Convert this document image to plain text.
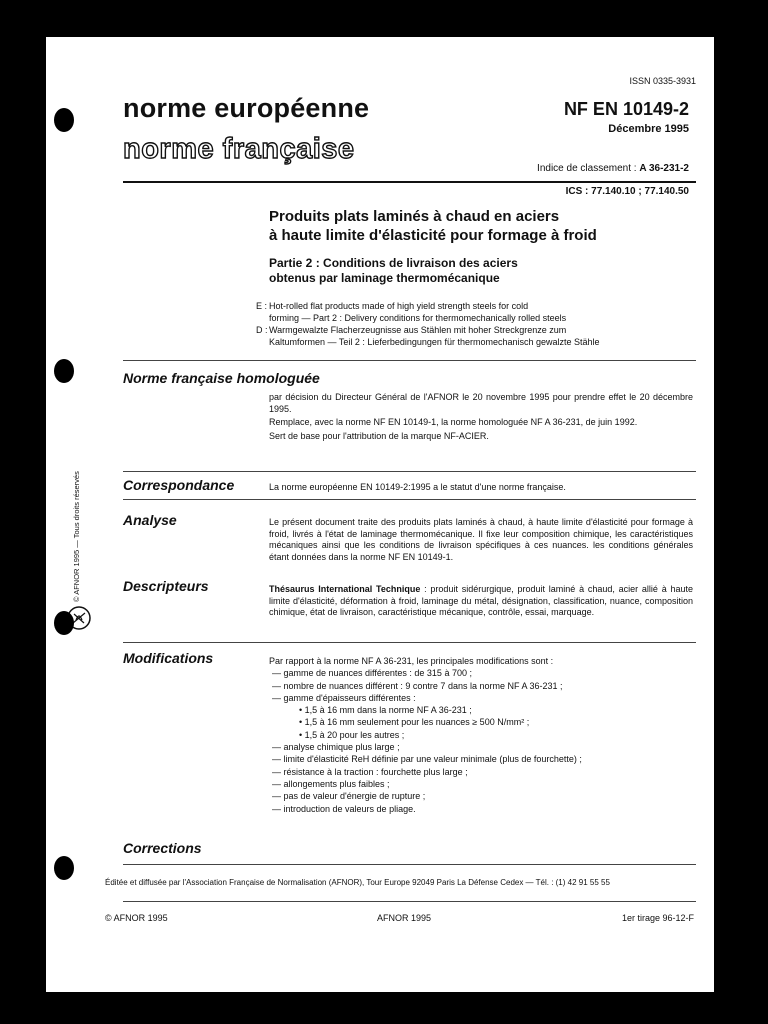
ISSN 0335-3931
norme européenne
norme française
NF EN 10149-2
Décembre 1995
Indice de classement : A 36-231-2
ICS : 77.140.10 ; 77.140.50
Produits plats laminés à chaud en aciers
à haute limite d'élasticité pour formage à froid
Partie 2 : Conditions de livraison des aciers
obtenus par laminage thermomécanique
E : Hot-rolled flat products made of high yield strength steels for cold
forming — Part 2 : Delivery conditions for thermomechanically rolled steels
D : Warmgewalzte Flacherzeugnisse aus Stählen mit hoher Streckgrenze zum
Kaltumformen — Teil 2 : Lieferbedingungen für thermomechanisch gewalzte Stähle
Norme française homologuée

par décision du Directeur Général de l'AFNOR le 20 novembre 1995 pour prendre effet le 20 décembre 1995.

Remplace, avec la norme NF EN 10149-1, la norme homologuée NF A 36-231, de juin 1992.

Sert de base pour l'attribution de la marque NF-ACIER.

Correspondance	La norme européenne EN 10149-2:1995 a le statut d'une norme française.
Analyse	Le présent document traite des produits plats laminés à chaud, à haute limite d'élasticité pour formage à froid, livrés à l'état de laminage thermomécanique. Il fixe leur composition chimique, les caractéristiques mécaniques ainsi que les conditions de livraison spécifiques à ces nuances. les conditions générales étant données dans la norme NF EN 10149-1.
Descripteurs	Thésaurus International Technique : produit sidérurgique, produit laminé à chaud, acier allié à haute limite d'élasticité, déformation à froid, laminage du métal, désignation, classification, nuance, composition chimique, état de livraison, caractéristique mécanique, contrôle, essai, marquage.
Modifications	Par rapport à la norme NF A 36-231, les principales modifications sont :
— gamme de nuances différentes : de 315 à 700 ;
— nombre de nuances différent : 9 contre 7 dans la norme NF A 36-231 ;
— gamme d'épaisseurs différentes :
• 1,5 à 16 mm dans la norme NF A 36-231 ;
• 1,5 à 16 mm seulement pour les nuances ≥ 500 N/mm² ;
• 1,5 à 20 pour les autres ;
— analyse chimique plus large ;
— limite d'élasticité ReH définie par une valeur minimale (plus de fourchette) ;
— résistance à la traction : fourchette plus large ;
— allongements plus faibles ;
— pas de valeur d'énergie de rupture ;
— introduction de valeurs de pliage.
Corrections
Éditée et diffusée par l'Association Française de Normalisation (AFNOR), Tour Europe 92049 Paris La Défense Cedex — Tél. : (1) 42 91 55 55
© AFNOR 1995	AFNOR 1995	1er tirage 96-12-F
© AFNOR 1995 — Tous droits réservés
